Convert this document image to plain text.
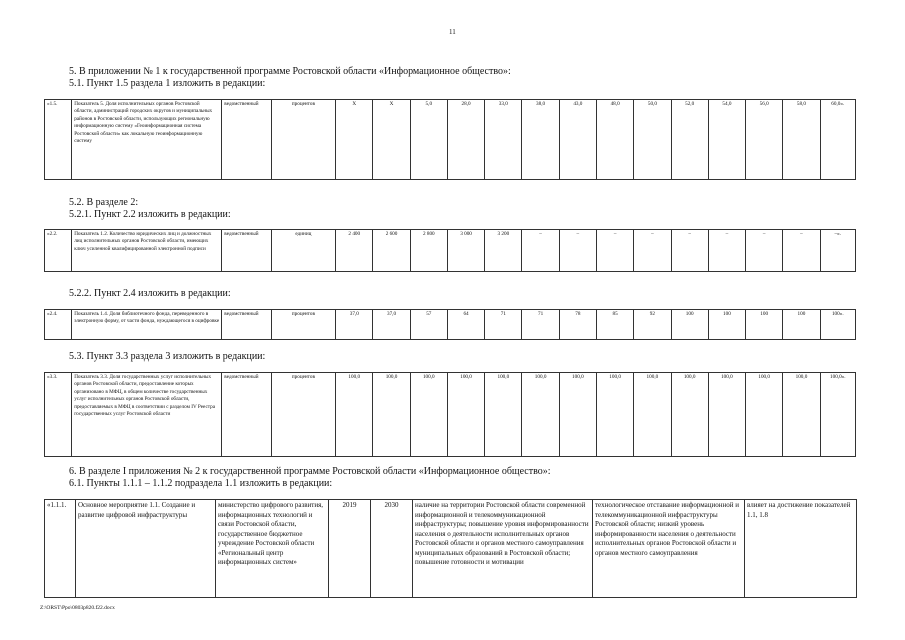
11
5. В приложении № 1 к государственной программе Ростовской области «Информационное общество»:
5.1. Пункт 1.5 раздела 1 изложить в редакции:
«1.5.	Показатель 5. Доля исполнительных органов Ростовской области, администраций городских округов и муниципальных районов в Ростовской области, использующих региональную информационную систему «Геоинформационная система Ростовской области» как локальную геоинформационную систему	ведомственный	процентов	X	X	5,0	28,0	33,0	38,0	43,0	48,0	50,0	52,0	54,0	56,0	58,0	60,0».
5.2. В разделе 2:
5.2.1. Пункт 2.2 изложить в редакции:
«2.2.	Показатель 1.2. Количество юридических лиц и должностных лиц исполнительных органов Ростовской области, имеющих ключ усиленной квалифицированной электронной подписи	ведомственный	единиц	2 400	2 600	2 800	3 000	3 200	–	–	–	–	–	–	–	–	–».
5.2.2. Пункт 2.4 изложить в редакции:
«2.4.	Показатель 1.4. Доля библиотечного фонда, переведенного в электронную форму, от части фонда, нуждающегося в оцифровке	ведомственный	процентов	37,0	37,0	57	64	71	71	78	85	92	100	100	100	100	100».
5.3. Пункт 3.3 раздела 3 изложить в редакции:
«3.3.	Показатель 3.3. Доля государственных услуг исполнительных органов Ростовской области, предоставление которых организовано в МФЦ, в общем количестве государственных услуг исполнительных органов Ростовской области, предоставляемых в МФЦ в соответствии с разделом IV Реестра государственных услуг Ростовской области	ведомственный	процентов	100,0	100,0	100,0	100,0	100,0	100,0	100,0	100,0	100,0	100,0	100,0	100,0	100,0	100,0».
6. В разделе I приложения № 2 к государственной программе Ростовской области «Информационное общество»:
6.1. Пункты 1.1.1 – 1.1.2 подраздела 1.1 изложить в редакции:
«1.1.1.	Основное мероприятие 1.1. Создание и развитие цифровой инфраструктуры	министерство цифрового развития, информационных технологий и связи Ростовской области, государственное бюджетное учреждение Ростовской области «Региональный центр информационных систем»	2019	2030	наличие на территории Ростовской области современной информационной и телекоммуникационной инфраструктуры; повышение уровня информированности населения о деятельности исполнительных органов Ростовской области и органов местного самоуправления муниципальных образований в Ростовской области; повышение готовности и мотивации	технологическое отставание информационной и телекоммуникационной инфраструктуры Ростовской области; низкий уровень информированности населения о деятельности исполнительных органов Ростовской области и органов местного самоуправления	влияет на достижение показателей 1.1, 1.8
Z:\ORST\Ppo\0803p820.f22.docx
